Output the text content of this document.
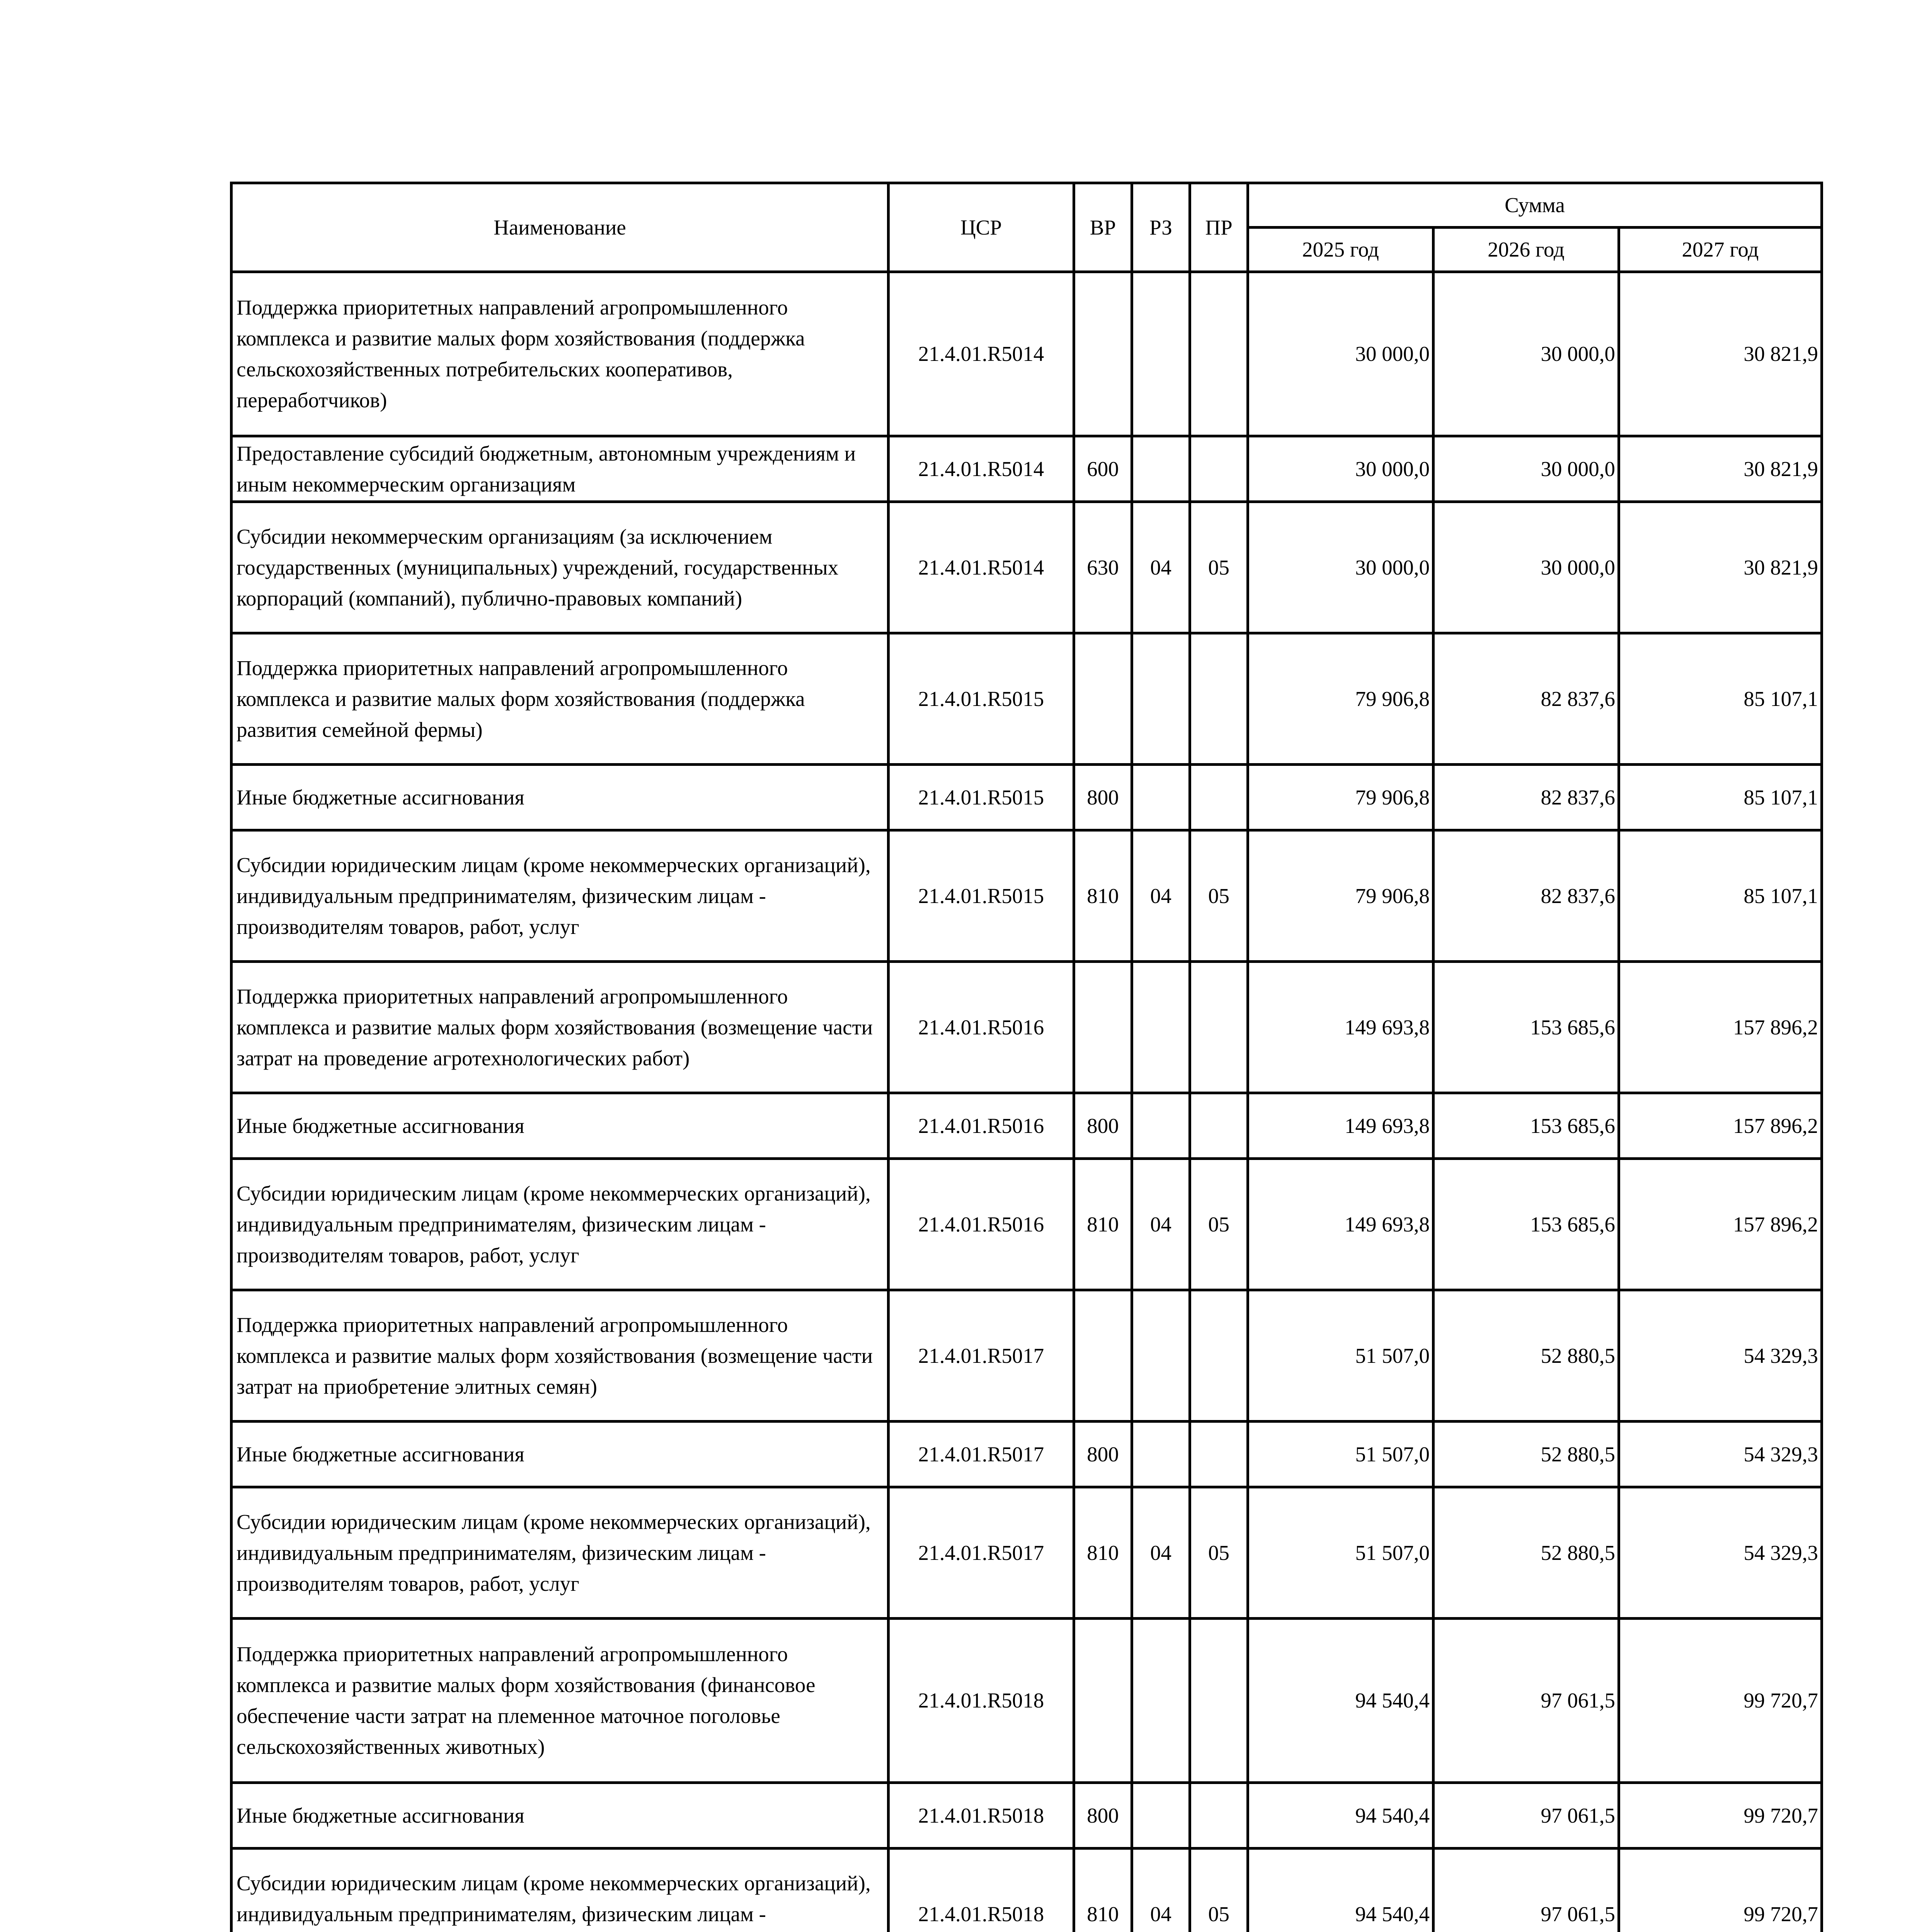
Наименование	ЦСР	ВР	РЗ	ПР	Сумма		
					2025 год	2026 год	2027 год
Поддержка приоритетных направлений агропромышленного комплекса и развитие малых форм хозяйствования (поддержка сельскохозяйственных потребительских кооперативов, переработчиков)	21.4.01.R5014				30 000,0	30 000,0	30 821,9
Предоставление субсидий бюджетным, автономным учреждениям и иным некоммерческим организациям	21.4.01.R5014	600			30 000,0	30 000,0	30 821,9
Субсидии некоммерческим организациям (за исключением государственных (муниципальных) учреждений, государственных корпораций (компаний), публично-правовых компаний)	21.4.01.R5014	630	04	05	30 000,0	30 000,0	30 821,9
Поддержка приоритетных направлений агропромышленного комплекса и развитие малых форм хозяйствования (поддержка развития семейной фермы)	21.4.01.R5015				79 906,8	82 837,6	85 107,1
Иные бюджетные ассигнования	21.4.01.R5015	800			79 906,8	82 837,6	85 107,1
Субсидии юридическим лицам (кроме некоммерческих организаций), индивидуальным предпринимателям, физическим лицам - производителям товаров, работ, услуг	21.4.01.R5015	810	04	05	79 906,8	82 837,6	85 107,1
Поддержка приоритетных направлений агропромышленного комплекса и развитие малых форм хозяйствования (возмещение части затрат на проведение агротехнологических работ)	21.4.01.R5016				149 693,8	153 685,6	157 896,2
Иные бюджетные ассигнования	21.4.01.R5016	800			149 693,8	153 685,6	157 896,2
Субсидии юридическим лицам (кроме некоммерческих организаций), индивидуальным предпринимателям, физическим лицам - производителям товаров, работ, услуг	21.4.01.R5016	810	04	05	149 693,8	153 685,6	157 896,2
Поддержка приоритетных направлений агропромышленного комплекса и развитие малых форм хозяйствования (возмещение части затрат на приобретение элитных семян)	21.4.01.R5017				51 507,0	52 880,5	54 329,3
Иные бюджетные ассигнования	21.4.01.R5017	800			51 507,0	52 880,5	54 329,3
Субсидии юридическим лицам (кроме некоммерческих организаций), индивидуальным предпринимателям, физическим лицам - производителям товаров, работ, услуг	21.4.01.R5017	810	04	05	51 507,0	52 880,5	54 329,3
Поддержка приоритетных направлений агропромышленного комплекса и развитие малых форм хозяйствования (финансовое обеспечение части затрат на племенное маточное поголовье сельскохозяйственных животных)	21.4.01.R5018				94 540,4	97 061,5	99 720,7
Иные бюджетные ассигнования	21.4.01.R5018	800			94 540,4	97 061,5	99 720,7
Субсидии юридическим лицам (кроме некоммерческих организаций), индивидуальным предпринимателям, физическим лицам -	21.4.01.R5018	810	04	05	94 540,4	97 061,5	99 720,7
